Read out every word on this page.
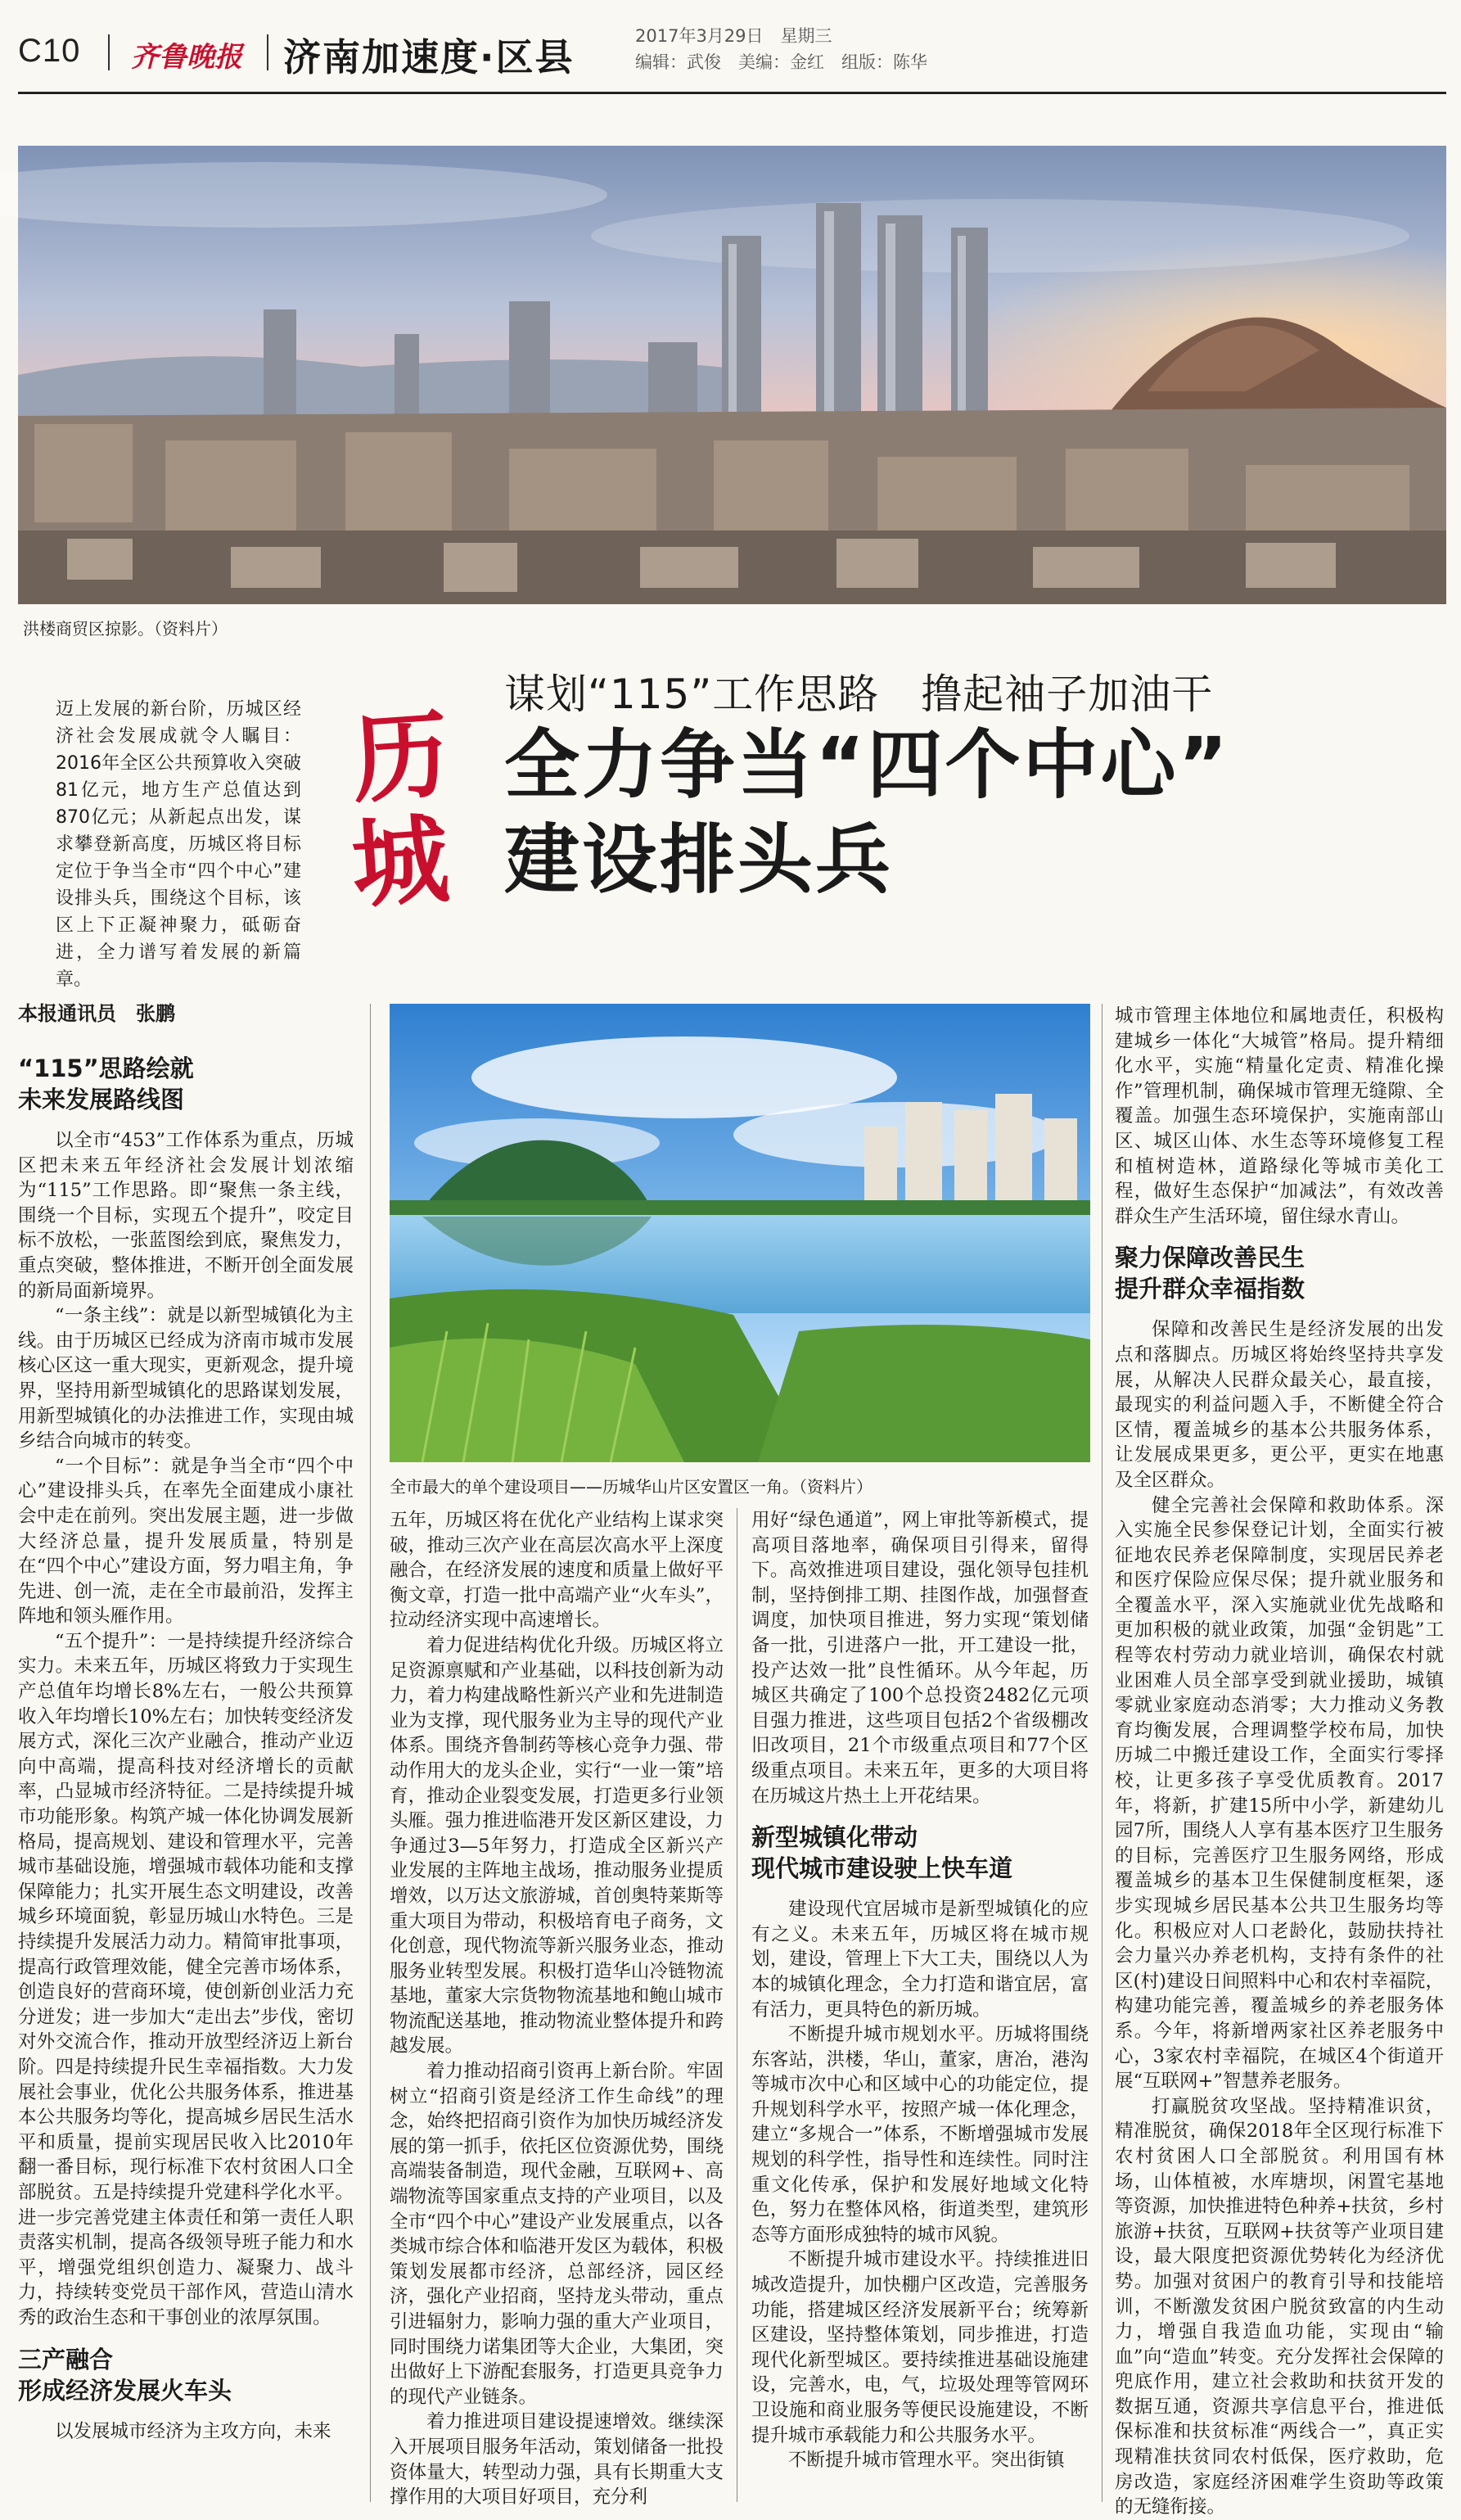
C10 齐鲁晚报 济南加速度·区县	2017年3月29日　星期三
编辑：武俊　美编：金红　组版：陈华
洪楼商贸区掠影。（资料片）
迈上发展的新台阶，历城区经济社会发展成就令人瞩目：2016年全区公共预算收入突破81亿元，地方生产总值达到870亿元；从新起点出发，谋求攀登新高度，历城区将目标定位于争当全市“四个中心”建设排头兵，围绕这个目标，该区上下正凝神聚力，砥砺奋进，全力谱写着发展的新篇章。
历
城
谋划“115”工作思路　撸起袖子加油干
全力争当“四个中心”
建设排头兵
本报通讯员　张鹏
“115”思路绘就
未来发展路线图

以全市“453”工作体系为重点，历城区把未来五年经济社会发展计划浓缩为“115”工作思路。即“聚焦一条主线，围绕一个目标，实现五个提升”，咬定目标不放松，一张蓝图绘到底，聚焦发力，重点突破，整体推进，不断开创全面发展的新局面新境界。

“一条主线”：就是以新型城镇化为主线。由于历城区已经成为济南市城市发展核心区这一重大现实，更新观念，提升境界，坚持用新型城镇化的思路谋划发展，用新型城镇化的办法推进工作，实现由城乡结合向城市的转变。

“一个目标”：就是争当全市“四个中心”建设排头兵，在率先全面建成小康社会中走在前列。突出发展主题，进一步做大经济总量，提升发展质量，特别是在“四个中心”建设方面，努力唱主角，争先进、创一流，走在全市最前沿，发挥主阵地和领头雁作用。

“五个提升”：一是持续提升经济综合实力。未来五年，历城区将致力于实现生产总值年均增长8%左右，一般公共预算收入年均增长10%左右；加快转变经济发展方式，深化三次产业融合，推动产业迈向中高端，提高科技对经济增长的贡献率，凸显城市经济特征。二是持续提升城市功能形象。构筑产城一体化协调发展新格局，提高规划、建设和管理水平，完善城市基础设施，增强城市载体功能和支撑保障能力；扎实开展生态文明建设，改善城乡环境面貌，彰显历城山水特色。三是持续提升发展活力动力。精简审批事项，提高行政管理效能，健全完善市场体系，创造良好的营商环境，使创新创业活力充分迸发；进一步加大“走出去”步伐，密切对外交流合作，推动开放型经济迈上新台阶。四是持续提升民生幸福指数。大力发展社会事业，优化公共服务体系，推进基本公共服务均等化，提高城乡居民生活水平和质量，提前实现居民收入比2010年翻一番目标，现行标准下农村贫困人口全部脱贫。五是持续提升党建科学化水平。进一步完善党建主体责任和第一责任人职责落实机制，提高各级领导班子能力和水平，增强党组织创造力、凝聚力、战斗力，持续转变党员干部作风，营造山清水秀的政治生态和干事创业的浓厚氛围。

三产融合
形成经济发展火车头

以发展城市经济为主攻方向，未来

全市最大的单个建设项目——历城华山片区安置区一角。（资料片）

五年，历城区将在优化产业结构上谋求突破，推动三次产业在高层次高水平上深度融合，在经济发展的速度和质量上做好平衡文章，打造一批中高端产业“火车头”，拉动经济实现中高速增长。

着力促进结构优化升级。历城区将立足资源禀赋和产业基础，以科技创新为动力，着力构建战略性新兴产业和先进制造业为支撑，现代服务业为主导的现代产业体系。围绕齐鲁制药等核心竞争力强、带动作用大的龙头企业，实行“一业一策”培育，推动企业裂变发展，打造更多行业领头雁。强力推进临港开发区新区建设，力争通过3—5年努力，打造成全区新兴产业发展的主阵地主战场，推动服务业提质增效，以万达文旅游城，首创奥特莱斯等重大项目为带动，积极培育电子商务，文化创意，现代物流等新兴服务业态，推动服务业转型发展。积极打造华山冷链物流基地，董家大宗货物物流基地和鲍山城市物流配送基地，推动物流业整体提升和跨越发展。

着力推动招商引资再上新台阶。牢固树立“招商引资是经济工作生命线”的理念，始终把招商引资作为加快历城经济发展的第一抓手，依托区位资源优势，围绕高端装备制造，现代金融，互联网+、高端物流等国家重点支持的产业项目，以及全市“四个中心”建设产业发展重点，以各类城市综合体和临港开发区为载体，积极策划发展都市经济，总部经济，园区经济，强化产业招商，坚持龙头带动，重点引进辐射力，影响力强的重大产业项目，同时围绕力诺集团等大企业，大集团，突出做好上下游配套服务，打造更具竞争力的现代产业链条。

着力推进项目建设提速增效。继续深入开展项目服务年活动，策划储备一批投资体量大，转型动力强，具有长期重大支撑作用的大项目好项目，充分利

用好“绿色通道”，网上审批等新模式，提高项目落地率，确保项目引得来，留得下。高效推进项目建设，强化领导包挂机制，坚持倒排工期、挂图作战，加强督查调度，加快项目推进，努力实现“策划储备一批，引进落户一批，开工建设一批，投产达效一批”良性循环。从今年起，历城区共确定了100个总投资2482亿元项目强力推进，这些项目包括2个省级棚改旧改项目，21个市级重点项目和77个区级重点项目。未来五年，更多的大项目将在历城这片热土上开花结果。

新型城镇化带动
现代城市建设驶上快车道

建设现代宜居城市是新型城镇化的应有之义。未来五年，历城区将在城市规划，建设，管理上下大工夫，围绕以人为本的城镇化理念，全力打造和谐宜居，富有活力，更具特色的新历城。

不断提升城市规划水平。历城将围绕东客站，洪楼，华山，董家，唐冶，港沟等城市次中心和区域中心的功能定位，提升规划科学水平，按照产城一体化理念，建立“多规合一”体系，不断增强城市发展规划的科学性，指导性和连续性。同时注重文化传承，保护和发展好地域文化特色，努力在整体风格，街道类型，建筑形态等方面形成独特的城市风貌。

不断提升城市建设水平。持续推进旧城改造提升，加快棚户区改造，完善服务功能，搭建城区经济发展新平台；统筹新区建设，坚持整体策划，同步推进，打造现代化新型城区。要持续推进基础设施建设，完善水，电，气，垃圾处理等管网环卫设施和商业服务等便民设施建设，不断提升城市承载能力和公共服务水平。

不断提升城市管理水平。突出街镇

城市管理主体地位和属地责任，积极构建城乡一体化“大城管”格局。提升精细化水平，实施“精量化定责、精准化操作”管理机制，确保城市管理无缝隙、全覆盖。加强生态环境保护，实施南部山区、城区山体、水生态等环境修复工程和植树造林，道路绿化等城市美化工程，做好生态保护“加减法”，有效改善群众生产生活环境，留住绿水青山。

聚力保障改善民生
提升群众幸福指数

保障和改善民生是经济发展的出发点和落脚点。历城区将始终坚持共享发展，从解决人民群众最关心，最直接，最现实的利益问题入手，不断健全符合区情，覆盖城乡的基本公共服务体系，让发展成果更多，更公平，更实在地惠及全区群众。

健全完善社会保障和救助体系。深入实施全民参保登记计划，全面实行被征地农民养老保障制度，实现居民养老和医疗保险应保尽保；提升就业服务和全覆盖水平，深入实施就业优先战略和更加积极的就业政策，加强“金钥匙”工程等农村劳动力就业培训，确保农村就业困难人员全部享受到就业援助，城镇零就业家庭动态消零；大力推动义务教育均衡发展，合理调整学校布局，加快历城二中搬迁建设工作，全面实行零择校，让更多孩子享受优质教育。2017年，将新，扩建15所中小学，新建幼儿园7所，围绕人人享有基本医疗卫生服务的目标，完善医疗卫生服务网络，形成覆盖城乡的基本卫生保健制度框架，逐步实现城乡居民基本公共卫生服务均等化。积极应对人口老龄化，鼓励扶持社会力量兴办养老机构，支持有条件的社区(村)建设日间照料中心和农村幸福院，构建功能完善，覆盖城乡的养老服务体系。今年，将新增两家社区养老服务中心，3家农村幸福院，在城区4个街道开展“互联网+”智慧养老服务。

打赢脱贫攻坚战。坚持精准识贫，精准脱贫，确保2018年全区现行标准下农村贫困人口全部脱贫。利用国有林场，山体植被，水库塘坝，闲置宅基地等资源，加快推进特色种养+扶贫，乡村旅游+扶贫，互联网+扶贫等产业项目建设，最大限度把资源优势转化为经济优势。加强对贫困户的教育引导和技能培训，不断激发贫困户脱贫致富的内生动力，增强自我造血功能，实现由“输血”向“造血”转变。充分发挥社会保障的兜底作用，建立社会救助和扶贫开发的数据互通，资源共享信息平台，推进低保标准和扶贫标准“两线合一”，真正实现精准扶贫同农村低保，医疗救助，危房改造，家庭经济困难学生资助等政策的无缝衔接。
